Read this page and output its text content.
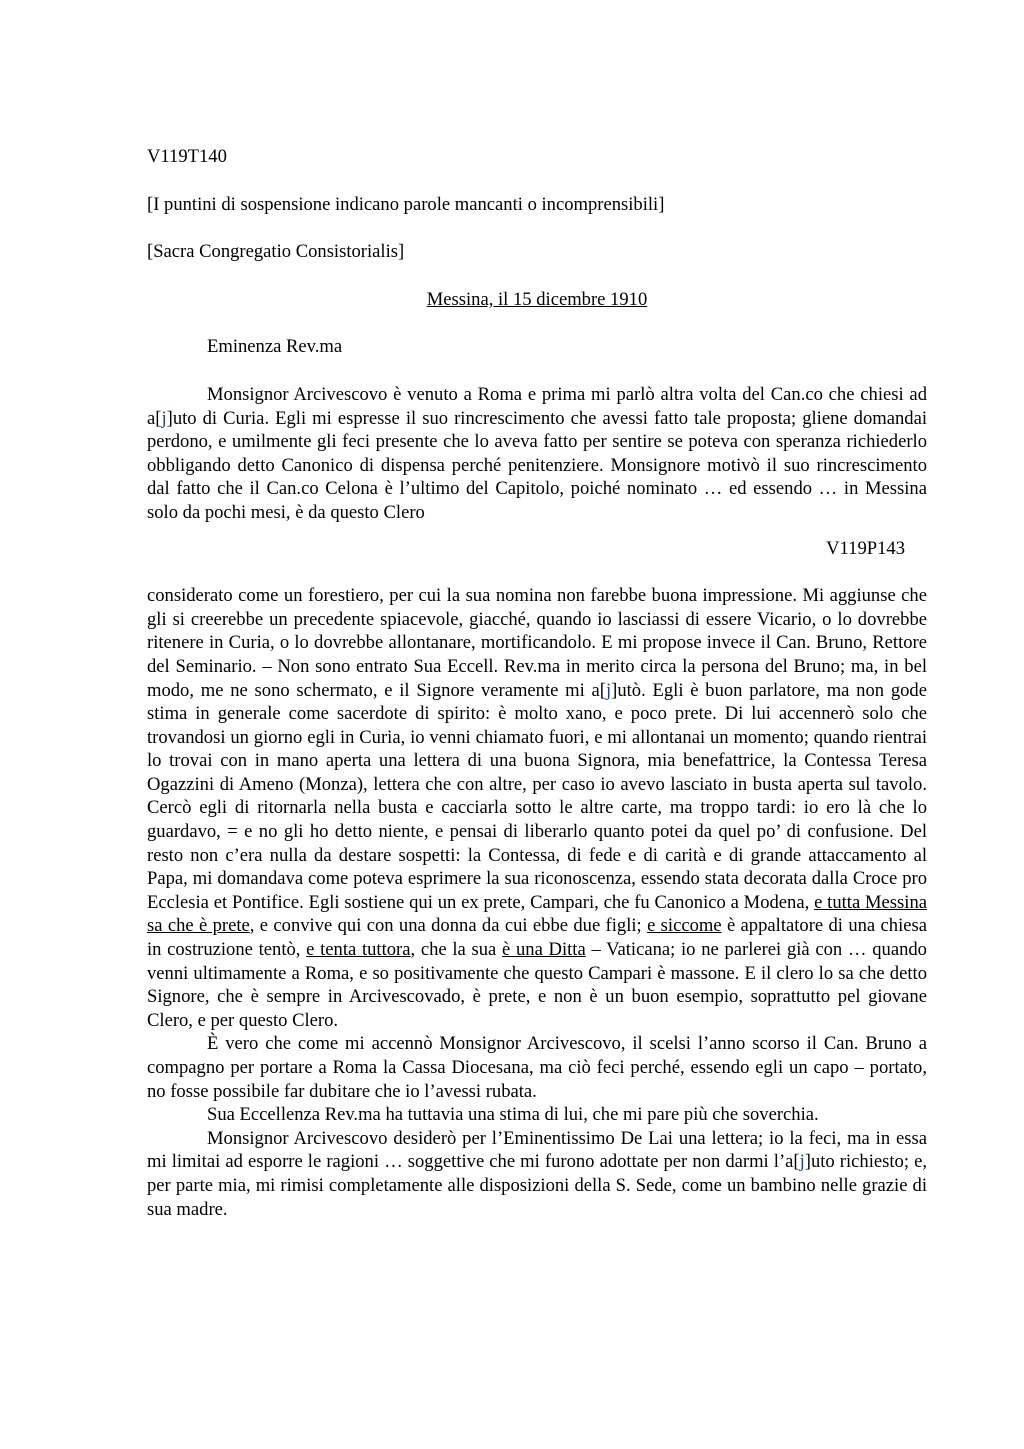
V119T140

[I puntini di sospensione indicano parole mancanti o incomprensibili]

[Sacra Congregatio Consistorialis]

Messina, il 15 dicembre 1910

Eminenza Rev.ma

Monsignor Arcivescovo è venuto a Roma e prima mi parlò altra volta del Can.co che chiesi ad a[j]uto di Curia. Egli mi espresse il suo rincrescimento che avessi fatto tale proposta; gliene domandai perdono, e umilmente gli feci presente che lo aveva fatto per sentire se poteva con speranza richiederlo obbligando detto Canonico di dispensa perché penitenziere. Monsignore motivò il suo rincrescimento dal fatto che il Can.co Celona è l’ultimo del Capitolo, poiché nominato … ed essendo … in Messina solo da pochi mesi, è da questo Clero

V119P143

considerato come un forestiero, per cui la sua nomina non farebbe buona impressione. Mi aggiunse che gli si creerebbe un precedente spiacevole, giacché, quando io lasciassi di essere Vicario, o lo dovrebbe ritenere in Curia, o lo dovrebbe allontanare, mortificandolo. E mi propose invece il Can. Bruno, Rettore del Seminario. – Non sono entrato Sua Eccell. Rev.ma in merito circa la persona del Bruno; ma, in bel modo, me ne sono schermato, e il Signore veramente mi a[j]utò. Egli è buon parlatore, ma non gode stima in generale come sacerdote di spirito: è molto xano, e poco prete. Di lui accennerò solo che trovandosi un giorno egli in Curia, io venni chiamato fuori, e mi allontanai un momento; quando rientrai lo trovai con in mano aperta una lettera di una buona Signora, mia benefattrice, la Contessa Teresa Ogazzini di Ameno (Monza), lettera che con altre, per caso io avevo lasciato in busta aperta sul tavolo. Cercò egli di ritornarla nella busta e cacciarla sotto le altre carte, ma troppo tardi: io ero là che lo guardavo, = e no gli ho detto niente, e pensai di liberarlo quanto potei da quel po’ di confusione. Del resto non c’era nulla da destare sospetti: la Contessa, di fede e di carità e di grande attaccamento al Papa, mi domandava come poteva esprimere la sua riconoscenza, essendo stata decorata dalla Croce pro Ecclesia et Pontifice. Egli sostiene qui un ex prete, Campari, che fu Canonico a Modena, e tutta Messina sa che è prete, e convive qui con una donna da cui ebbe due figli; e siccome è appaltatore di una chiesa in costruzione tentò, e tenta tuttora, che la sua è una Ditta – Vaticana; io ne parlerei già con … quando venni ultimamente a Roma, e so positivamente che questo Campari è massone. E il clero lo sa che detto Signore, che è sempre in Arcivescovado, è prete, e non è un buon esempio, soprattutto pel giovane Clero, e per questo Clero.

È vero che come mi accennò Monsignor Arcivescovo, il scelsi l’anno scorso il Can. Bruno a compagno per portare a Roma la Cassa Diocesana, ma ciò feci perché, essendo egli un capo – portato, no fosse possibile far dubitare che io l’avessi rubata.

Sua Eccellenza Rev.ma ha tuttavia una stima di lui, che mi pare più che soverchia.

Monsignor Arcivescovo desiderò per l’Eminentissimo De Lai una lettera; io la feci, ma in essa mi limitai ad esporre le ragioni … soggettive che mi furono adottate per non darmi l’a[j]uto richiesto; e, per parte mia, mi rimisi completamente alle disposizioni della S. Sede, come un bambino nelle grazie di sua madre.
